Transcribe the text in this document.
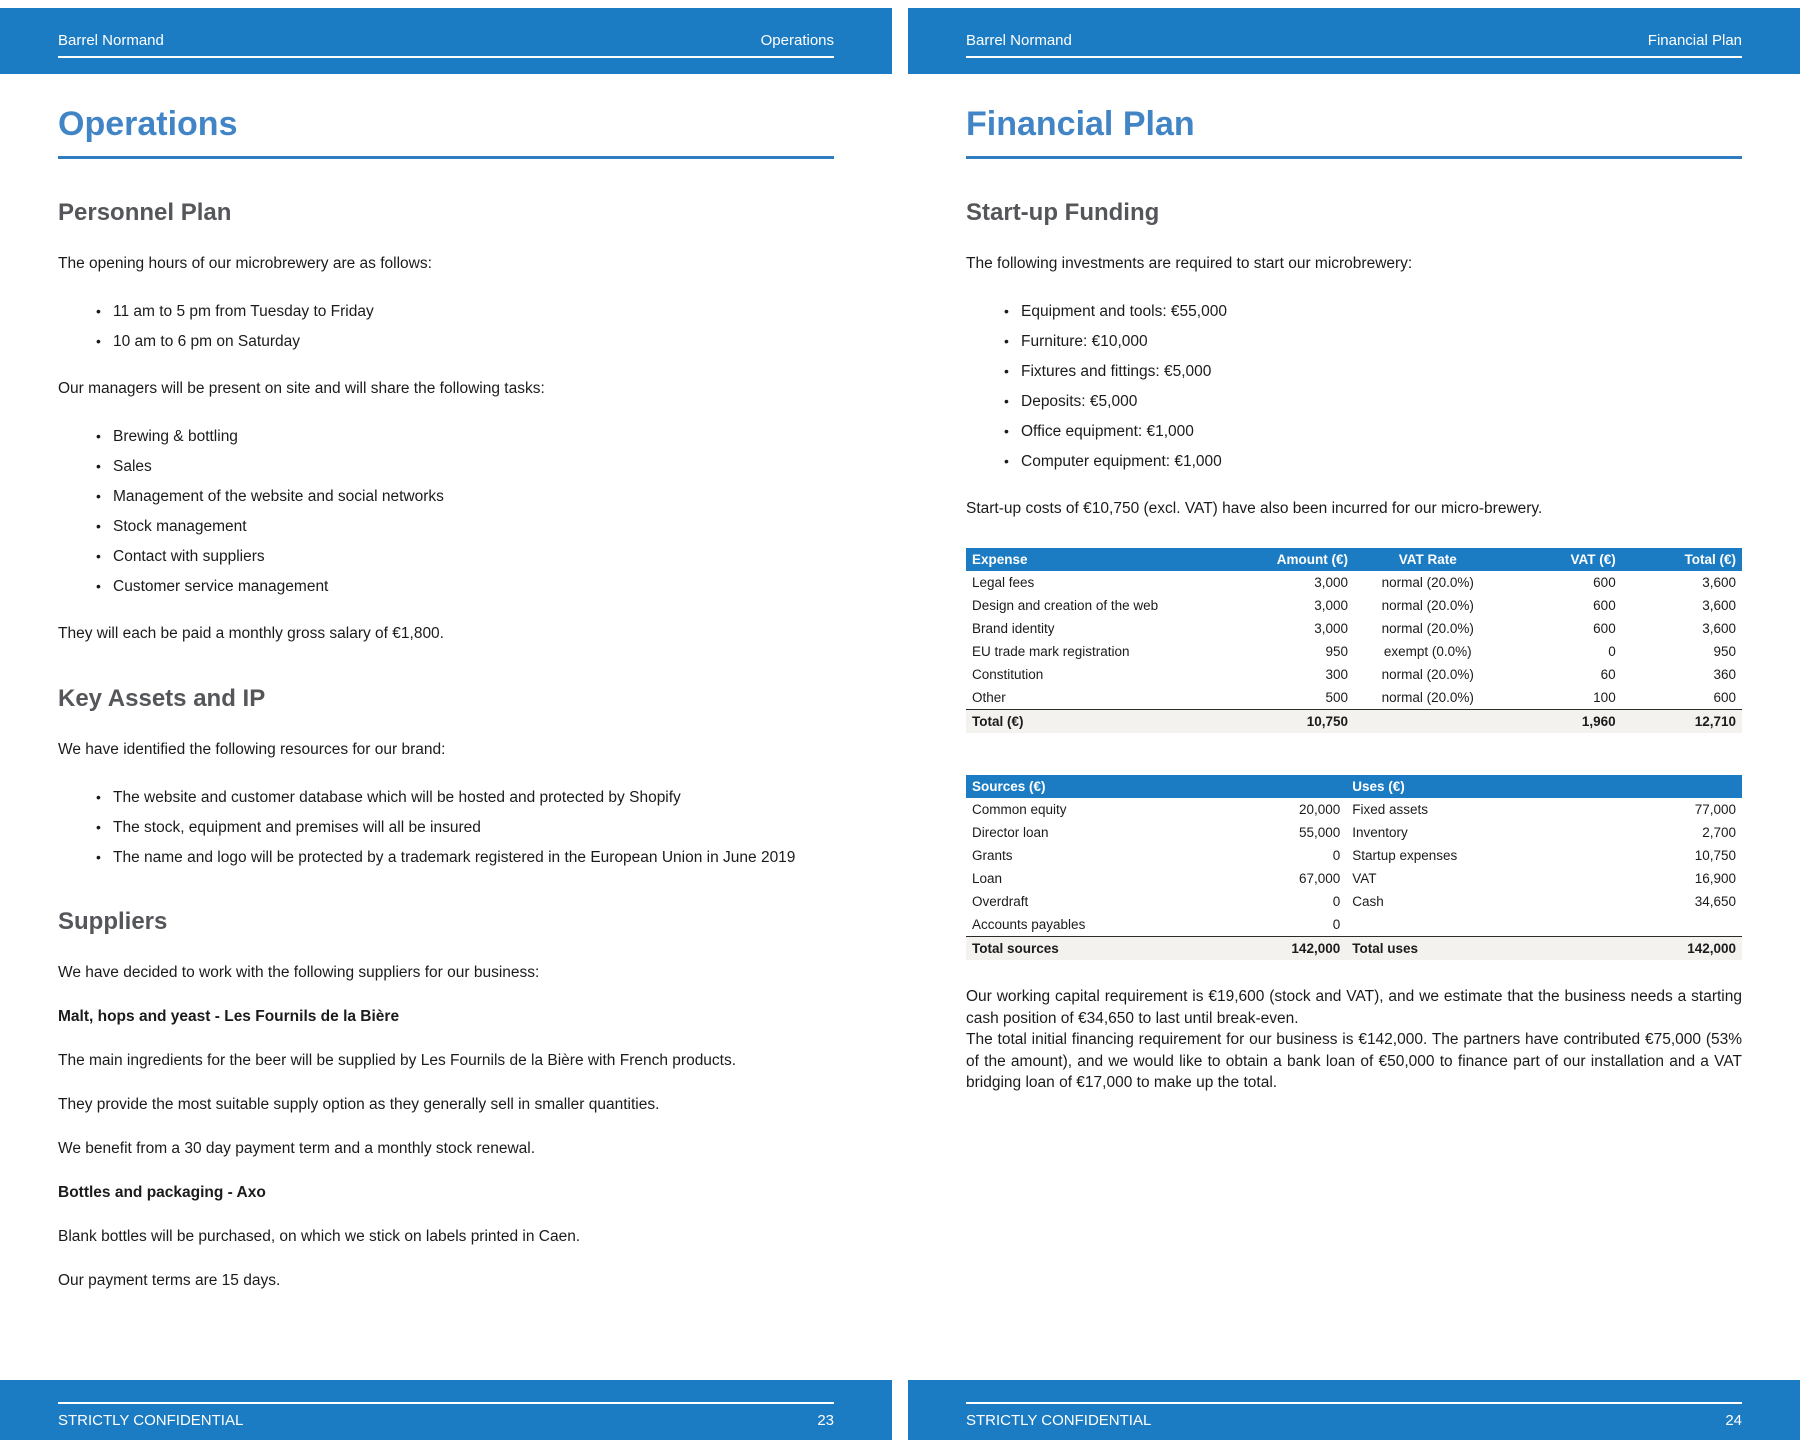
Barrel Normand	Operations
Operations
Personnel Plan

The opening hours of our microbrewery are as follows:

• 11 am to 5 pm from Tuesday to Friday
• 10 am to 6 pm on Saturday

Our managers will be present on site and will share the following tasks:

• Brewing & bottling
• Sales
• Management of the website and social networks
• Stock management
• Contact with suppliers
• Customer service management

They will each be paid a monthly gross salary of €1,800.

Key Assets and IP

We have identified the following resources for our brand:

• The website and customer database which will be hosted and protected by Shopify
• The stock, equipment and premises will all be insured
• The name and logo will be protected by a trademark registered in the European Union in June 2019
Suppliers

We have decided to work with the following suppliers for our business:

Malt, hops and yeast - Les Fournils de la Bière

The main ingredients for the beer will be supplied by Les Fournils de la Bière with French products.

They provide the most suitable supply option as they generally sell in smaller quantities.

We benefit from a 30 day payment term and a monthly stock renewal.

Bottles and packaging - Axo

Blank bottles will be purchased, on which we stick on labels printed in Caen.

Our payment terms are 15 days.

STRICTLY CONFIDENTIAL	23
Barrel Normand	Financial Plan
Financial Plan
Start-up Funding

The following investments are required to start our microbrewery:

• Equipment and tools: €55,000
• Furniture: €10,000
• Fixtures and fittings: €5,000
• Deposits: €5,000
• Office equipment: €1,000
• Computer equipment: €1,000

Start-up costs of €10,750 (excl. VAT) have also been incurred for our micro-brewery.

Expense	Amount (€)	VAT Rate	VAT (€)	Total (€)
Legal fees	3,000	normal (20.0%)	600	3,600
Design and creation of the web	3,000	normal (20.0%)	600	3,600
Brand identity	3,000	normal (20.0%)	600	3,600
EU trade mark registration	950	exempt (0.0%)	0	950
Constitution	300	normal (20.0%)	60	360
Other	500	normal (20.0%)	100	600
Total (€)	10,750		1,960	12,710
Sources (€)		Uses (€)	
Common equity	20,000	Fixed assets	77,000
Director loan	55,000	Inventory	2,700
Grants	0	Startup expenses	10,750
Loan	67,000	VAT	16,900
Overdraft	0	Cash	34,650
Accounts payables	0		
Total sources	142,000	Total uses	142,000

Our working capital requirement is €19,600 (stock and VAT), and we estimate that the business needs a starting cash position of €34,650 to last until break-even.

The total initial financing requirement for our business is €142,000. The partners have contributed €75,000 (53% of the amount), and we would like to obtain a bank loan of €50,000 to finance part of our installation and a VAT bridging loan of €17,000 to make up the total.

STRICTLY CONFIDENTIAL	24
